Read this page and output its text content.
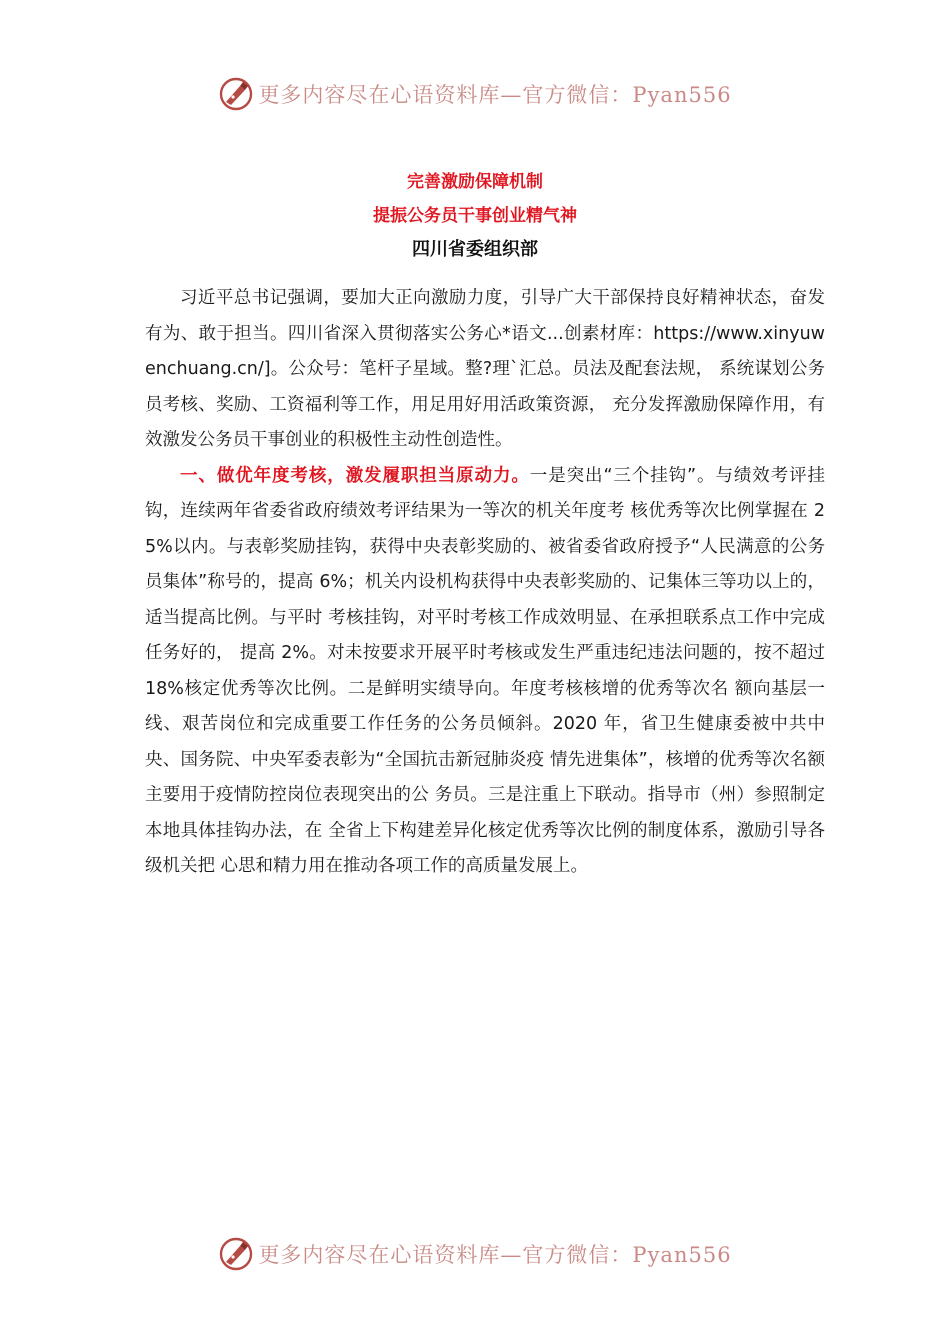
更多内容尽在心语资料库—官方微信：Pyan556
完善激励保障机制
提振公务员干事创业精气神
四川省委组织部

习近平总书记强调，要加大正向激励力度，引导广大干部保持良好精神状态，奋发有为、敢于担当。四川省深入贯彻落实公务心*语文...创素材库：https://www.xinyuwenchuang.cn/]。公众号：笔杆子星域。整?理`汇总。员法及配套法规， 系统谋划公务员考核、奖励、工资福利等工作，用足用好用活政策资源， 充分发挥激励保障作用，有效激发公务员干事创业的积极性主动性创造性。

一、做优年度考核，激发履职担当原动力。一是突出“三个挂钩”。与绩效考评挂钩，连续两年省委省政府绩效考评结果为一等次的机关年度考 核优秀等次比例掌握在 25%以内。与表彰奖励挂钩，获得中央表彰奖励的、被省委省政府授予“人民满意的公务员集体”称号的，提高 6%；机关内设机构获得中央表彰奖励的、记集体三等功以上的，适当提高比例。与平时 考核挂钩，对平时考核工作成效明显、在承担联系点工作中完成任务好的， 提高 2%。对未按要求开展平时考核或发生严重违纪违法问题的，按不超过 18%核定优秀等次比例。二是鲜明实绩导向。年度考核核增的优秀等次名 额向基层一线、艰苦岗位和完成重要工作任务的公务员倾斜。2020 年，省卫生健康委被中共中央、国务院、中央军委表彰为“全国抗击新冠肺炎疫 情先进集体”，核增的优秀等次名额主要用于疫情防控岗位表现突出的公 务员。三是注重上下联动。指导市（州）参照制定本地具体挂钩办法，在 全省上下构建差异化核定优秀等次比例的制度体系，激励引导各级机关把 心思和精力用在推动各项工作的高质量发展上。

更多内容尽在心语资料库—官方微信：Pyan556
